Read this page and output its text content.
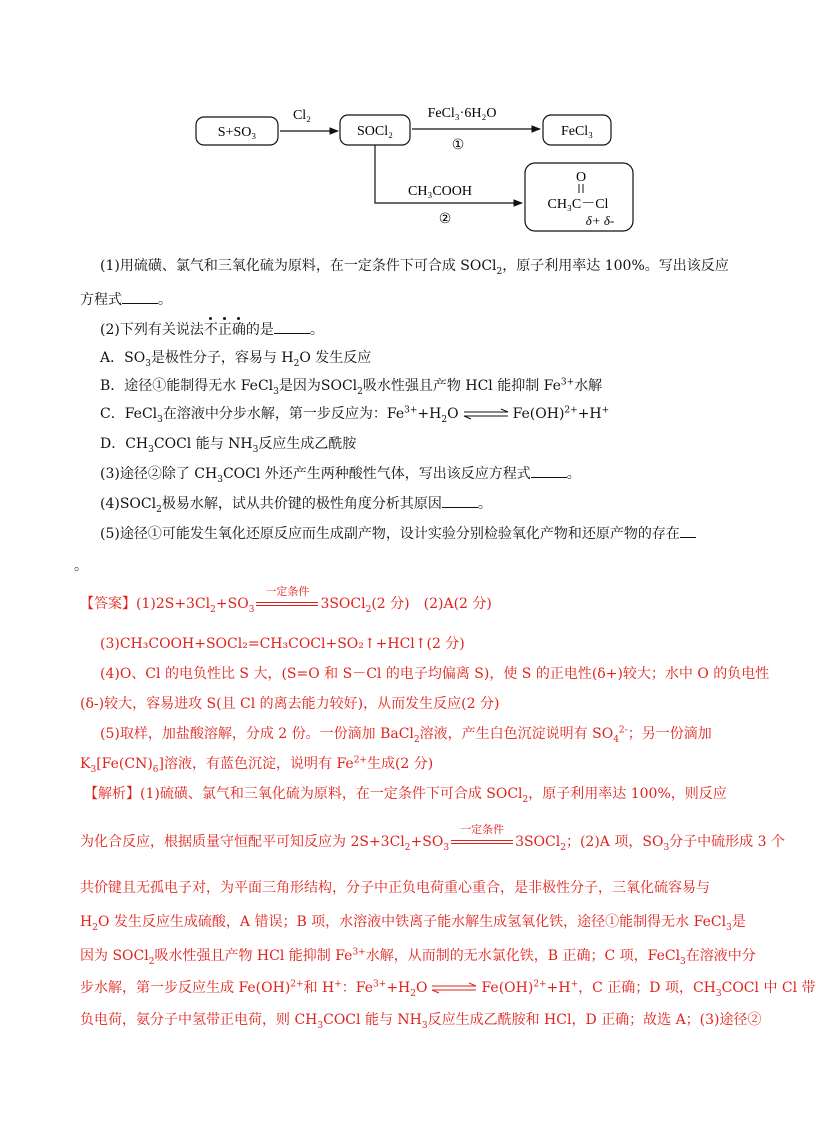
S+SO₃
Cl₂
SOCl₂
FeCl₃·6H₂O
①
FeCl₃
CH₃COOH
②
O
CH₃C－Cl
δ+ δ-
(1)用硫磺、氯气和三氧化硫为原料，在一定条件下可合成 SOCl$_2$，原子利用率达 100%。写出该反应
方程式	。
(2)下列有关说法不正确的是	。
A．$SO_3$是极性分子，容易与 $H_2O$ 发生反应
B．途径①能制得无水 FeCl$_3$是因为SOCl$_2$吸水性强且产物 HCl 能抑制 $Fe^{3+}$水解
C．FeCl$_3$在溶液中分步水解，第一步反应为：$Fe^{3+}+H_2O$ ⇌ Fe(OH)$^{2+}$+H+
D．$CH_3COCl$ 能与 $NH_3$反应生成乙酰胺
(3)途径②除了 $CH_3COCl$ 外还产生两种酸性气体，写出该反应方程式	。
(4)SOCl$_2$极易水解，试从共价键的极性角度分析其原因	。
(5)途径①可能发生氧化还原反应而生成副产物，设计实验分别检验氧化产物和还原产物的存在
。
【答案】$(1)2S+3Cl_2+SO_3$
一定条件
3SOCl$_2$(2 分)　(2)A(2 分)
(3)CH₃COOH+SOCl₂=CH₃COCl+SO₂↑+HCl↑(2 分)
(4)O、Cl 的电负性比 S 大，(S=O 和 S－Cl 的电子均偏离 S)，使 S 的正电性(δ+)较大；水中 O 的负电性
(δ-)较大，容易进攻 S(且 Cl 的离去能力较好)，从而发生反应(2 分)
(5)取样，加盐酸溶解，分成 2 份。一份滴加 BaCl$_2$溶液，产生白色沉淀说明有 $SO_4^{2-}$；另一份滴加
$K_3[Fe(CN)_6]$溶液，有蓝色沉淀，说明有 $Fe^{2+}$生成(2 分)
【解析】(1)硫磺、氯气和三氧化硫为原料，在一定条件下可合成 SOCl$_2$，原子利用率达 100%，则反应
为化合反应，根据质量守恒配平可知反应为 $2S+3Cl_2+SO_3$
一定条件
3SOCl$_2$；(2)A 项，$SO_3$分子中硫形成 3 个
共价键且无孤电子对，为平面三角形结构，分子中正负电荷重心重合，是非极性分子，三氧化硫容易与
$H_2O$ 发生反应生成硫酸，A 错误；B 项，水溶液中铁离子能水解生成氢氧化铁，途径①能制得无水 FeCl$_3$是
因为 SOCl$_2$吸水性强且产物 HCl 能抑制 $Fe^{3+}$水解，从而制的无水氯化铁，B 正确；C 项，FeCl$_3$在溶液中分
步水解，第一步反应生成 Fe(OH)$^{2+}$和 H+：$Fe^{3+}+H_2O$ ⇌ Fe(OH)$^{2+}$+H+，C 正确；D 项，$CH_3COCl$ 中 Cl 带
负电荷，氨分子中氢带正电荷，则 $CH_3COCl$ 能与 $NH_3$反应生成乙酰胺和 HCl，D 正确；故选 A；(3)途径②
